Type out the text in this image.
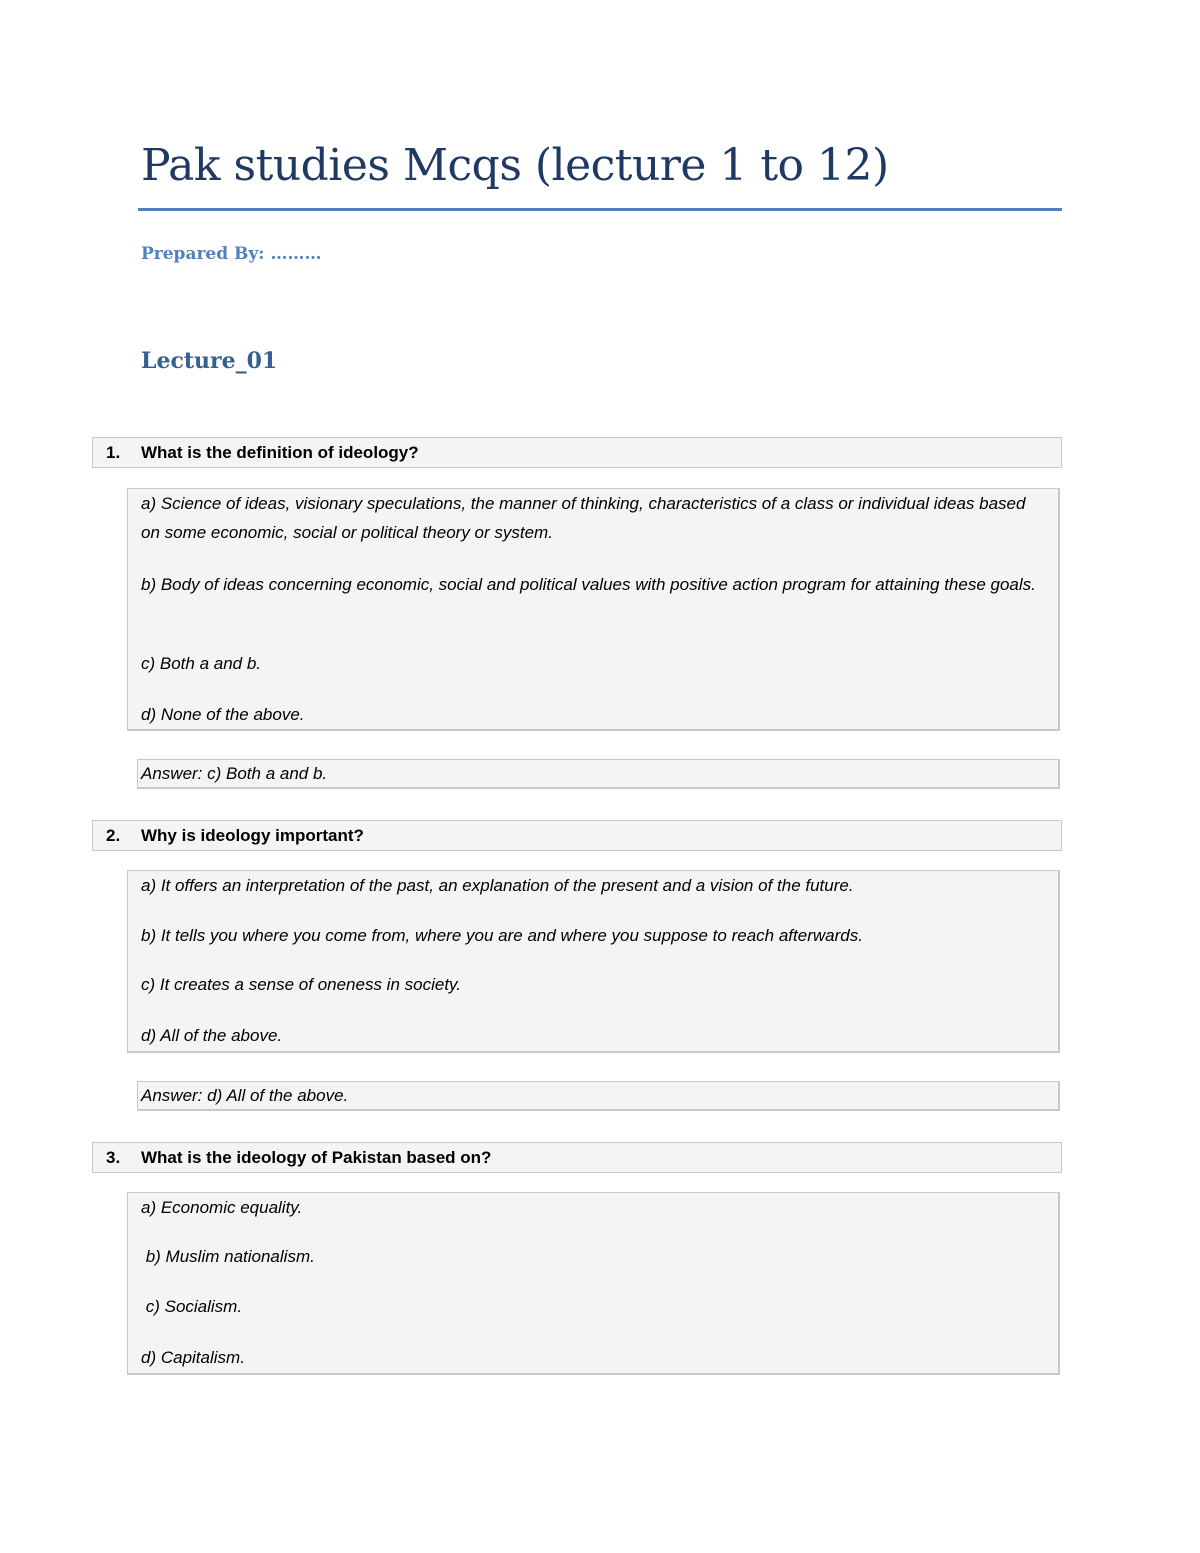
Pak studies Mcqs (lecture 1 to 12)
Prepared By: ………
Lecture_01
1. What is the definition of ideology?
a) Science of ideas, visionary speculations, the manner of thinking, characteristics of a class or individual ideas based on some economic, social or political theory or system.
b) Body of ideas concerning economic, social and political values with positive action program for attaining these goals.
c) Both a and b.
d) None of the above.
Answer: c) Both a and b.
2. Why is ideology important?
a) It offers an interpretation of the past, an explanation of the present and a vision of the future.
b) It tells you where you come from, where you are and where you suppose to reach afterwards.
c) It creates a sense of oneness in society.
d) All of the above.
Answer: d) All of the above.
3. What is the ideology of Pakistan based on?
a) Economic equality.
b) Muslim nationalism.
c) Socialism.
d) Capitalism.
